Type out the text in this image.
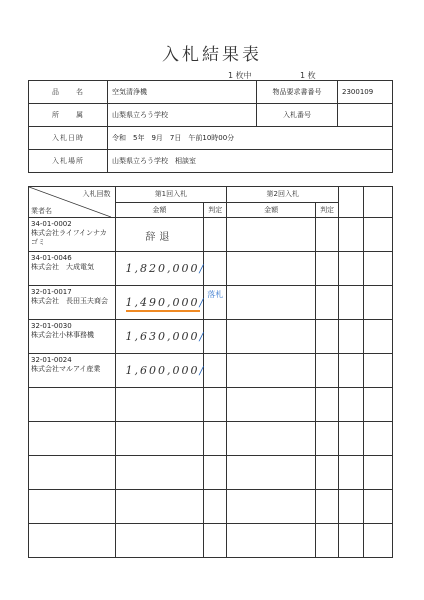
入札結果表
1 枚中	1 枚
品　　名	空気清浄機	物品要求書番号	2300109
所　　属	山梨県立ろう学校	入札番号	
入札日時	令和　5年　9月　7日　午前10時00分		
入札場所	山梨県立ろう学校　相談室		
入札回数
業者名	第1回入札		第2回入札			
	金額	判定	金額	判定		

34-01-0002
株式会社ライフインナカゴミ	辞退					

34-01-0046
株式会社　大成電気	1,820,000/					

32-01-0017
株式会社　長田玉夫商会	1,490,000/	落札				

32-01-0030
株式会社小林事務機	1,630,000/					

32-01-0024
株式会社マルアイ産業	1,600,000/					
